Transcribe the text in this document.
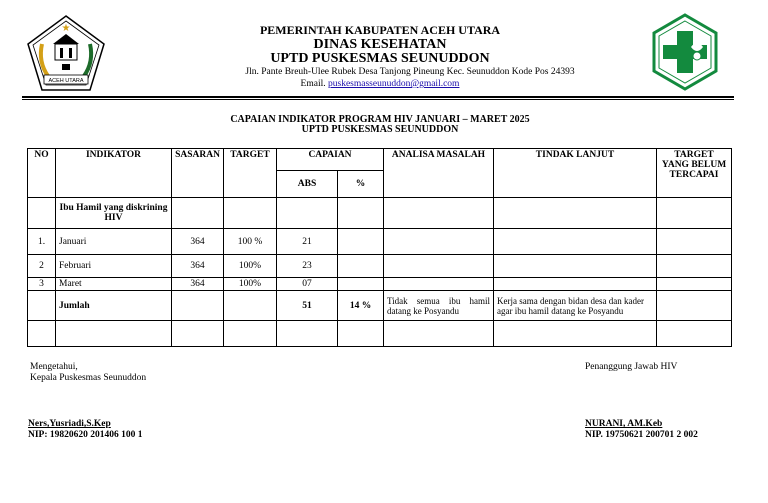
★
ACEH UTARA
PEMERINTAH KABUPATEN ACEH UTARA
DINAS KESEHATAN
UPTD PUSKESMAS SEUNUDDON
Jln. Pante Breuh-Ulee Rubek Desa Tanjong Pineung Kec. Seunuddon Kode Pos 24393
Email. puskesmasseunuddon@gmail.com
CAPAIAN INDIKATOR PROGRAM HIV JANUARI – MARET 2025
UPTD PUSKESMAS SEUNUDDON
NO	INDIKATOR	SASARAN	TARGET	CAPAIAN		ANALISA MASALAH	TINDAK LANJUT	TARGET YANG BELUM TERCAPAI
				ABS	%			
	Ibu Hamil yang diskrining HIV							
1.	Januari	364	100 %	21				
2	Februari	364	100%	23				
3	Maret	364	100%	07				
	Jumlah			51	14 %	Tidak semua ibu hamil datang ke Posyandu	Kerja sama dengan bidan desa dan kader agar ibu hamil datang ke Posyandu	

Mengetahui,
Kepala Puskesmas Seunuddon
Ners,Yusriadi,S.Kep
NIP: 19820620 201406 100 1
Penanggung Jawab HIV
NURANI, AM.Keb
NIP. 19750621 200701 2 002
